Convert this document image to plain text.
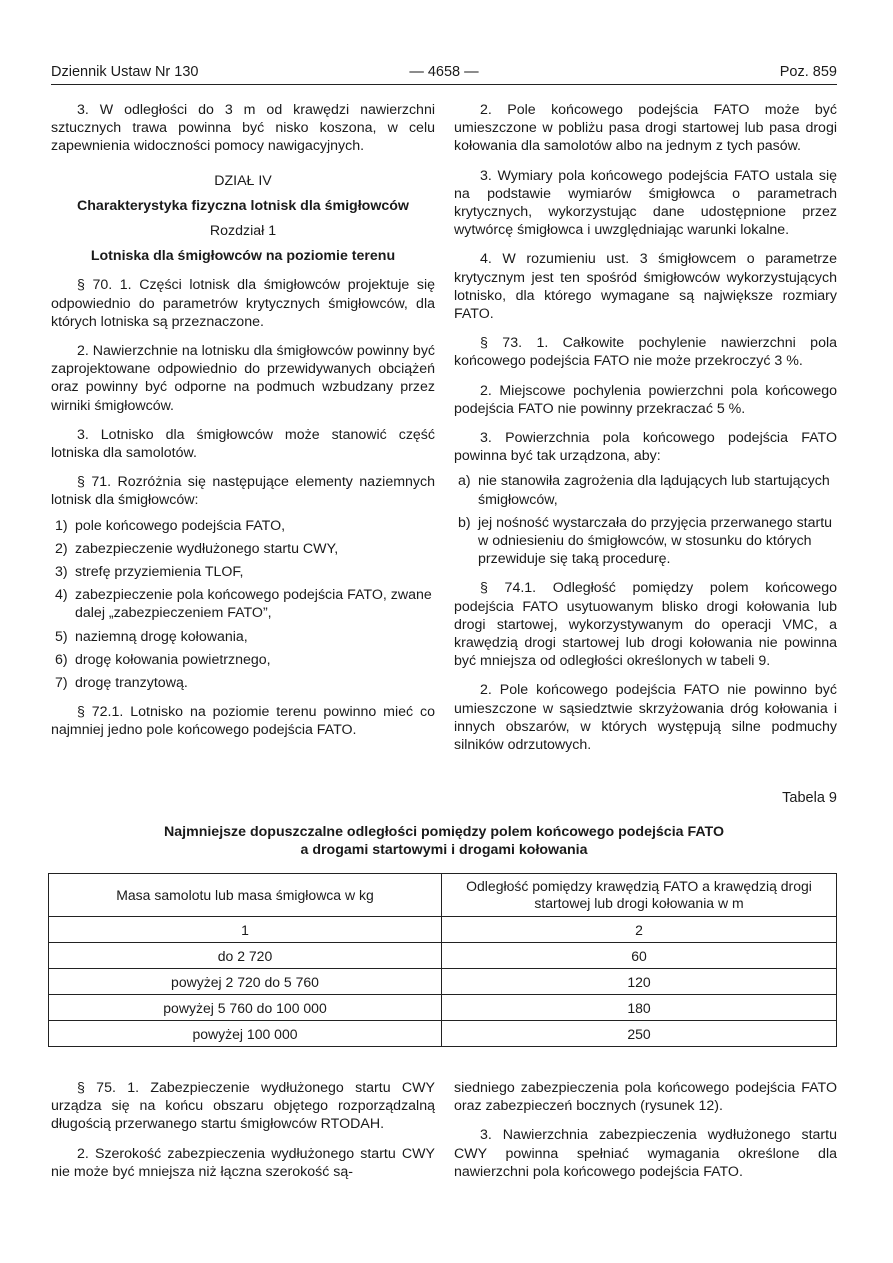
Dziennik Ustaw Nr 130	— 4658 —	Poz. 859

3. W odległości do 3 m od krawędzi nawierzchni sztucznych trawa powinna być nisko koszona, w celu zapewnienia widoczności pomocy nawigacyjnych.

DZIAŁ IV

Charakterystyka fizyczna lotnisk dla śmigłowców

Rozdział 1

Lotniska dla śmigłowców na poziomie terenu

§ 70. 1. Części lotnisk dla śmigłowców projektuje się odpowiednio do parametrów krytycznych śmigłowców, dla których lotniska są przeznaczone.

2. Nawierzchnie na lotnisku dla śmigłowców powinny być zaprojektowane odpowiednio do przewidywanych obciążeń oraz powinny być odporne na podmuch wzbudzany przez wirniki śmigłowców.

3. Lotnisko dla śmigłowców może stanowić część lotniska dla samolotów.

§ 71. Rozróżnia się następujące elementy naziemnych lotnisk dla śmigłowców:

1) pole końcowego podejścia FATO,
2) zabezpieczenie wydłużonego startu CWY,
3) strefę przyziemienia TLOF,
4) zabezpieczenie pola końcowego podejścia FATO, zwane dalej „zabezpieczeniem FATO”,
5) naziemną drogę kołowania,
6) drogę kołowania powietrznego,
7) drogę tranzytową.

§ 72.1. Lotnisko na poziomie terenu powinno mieć co najmniej jedno pole końcowego podejścia FATO.

2. Pole końcowego podejścia FATO może być umieszczone w pobliżu pasa drogi startowej lub pasa drogi kołowania dla samolotów albo na jednym z tych pasów.

3. Wymiary pola końcowego podejścia FATO ustala się na podstawie wymiarów śmigłowca o parametrach krytycznych, wykorzystując dane udostępnione przez wytwórcę śmigłowca i uwzględniając warunki lokalne.

4. W rozumieniu ust. 3 śmigłowcem o parametrze krytycznym jest ten spośród śmigłowców wykorzystujących lotnisko, dla którego wymagane są największe rozmiary FATO.

§ 73. 1. Całkowite pochylenie nawierzchni pola końcowego podejścia FATO nie może przekroczyć 3 %.

2. Miejscowe pochylenia powierzchni pola końcowego podejścia FATO nie powinny przekraczać 5 %.

3. Powierzchnia pola końcowego podejścia FATO powinna być tak urządzona, aby:

a) nie stanowiła zagrożenia dla lądujących lub startujących śmigłowców,
b) jej nośność wystarczała do przyjęcia przerwanego startu w odniesieniu do śmigłowców, w stosunku do których przewiduje się taką procedurę.

§ 74.1. Odległość pomiędzy polem końcowego podejścia FATO usytuowanym blisko drogi kołowania lub drogi startowej, wykorzystywanym do operacji VMC, a krawędzią drogi startowej lub drogi kołowania nie powinna być mniejsza od odległości określonych w tabeli 9.

2. Pole końcowego podejścia FATO nie powinno być umieszczone w sąsiedztwie skrzyżowania dróg kołowania i innych obszarów, w których występują silne podmuchy silników odrzutowych.

Tabela 9
Najmniejsze dopuszczalne odległości pomiędzy polem końcowego podejścia FATO
a drogami startowymi i drogami kołowania
Masa samolotu lub masa śmigłowca w kg	Odległość pomiędzy krawędzią FATO a krawędzią drogi startowej lub drogi kołowania w m
1	2
do 2 720	60
powyżej 2 720 do 5 760	120
powyżej 5 760 do 100 000	180
powyżej 100 000	250

§ 75. 1. Zabezpieczenie wydłużonego startu CWY urządza się na końcu obszaru objętego rozporządzalną długością przerwanego startu śmigłowców RTODAH.

2. Szerokość zabezpieczenia wydłużonego startu CWY nie może być mniejsza niż łączna szerokość są-

siedniego zabezpieczenia pola końcowego podejścia FATO oraz zabezpieczeń bocznych (rysunek 12).

3. Nawierzchnia zabezpieczenia wydłużonego startu CWY powinna spełniać wymagania określone dla nawierzchni pola końcowego podejścia FATO.
